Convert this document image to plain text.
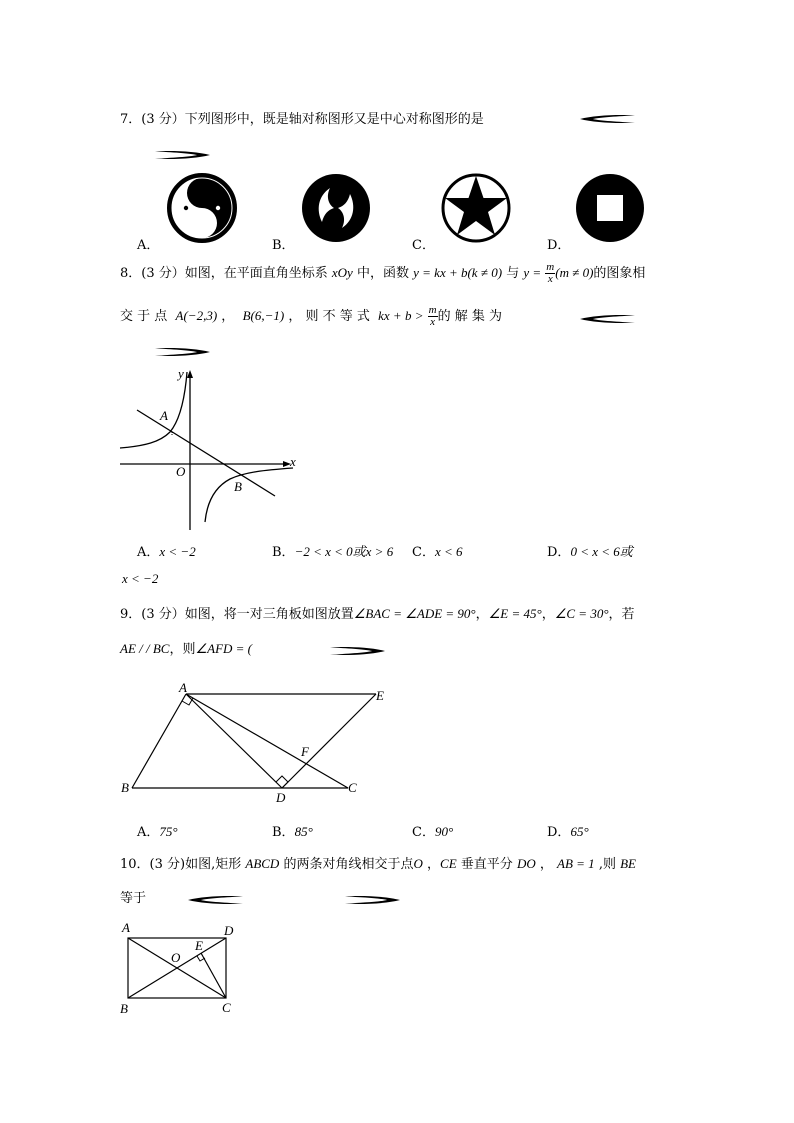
7．(3 分）下列图形中，既是轴对称图形又是中心对称图形的是
A．	B．	C．	D．
8．(3 分）如图，在平面直角坐标系 xOy 中，函数 y = kx + b(k ≠ 0) 与 $y = \frac{m}{x} (m \ne 0)$的图象相
交 于 点 A(−2,3) ， B(6,−1) ， 则 不 等 式 kx + $b > \frac{m}{x}$ 的 解 集 为
y
x
A
O
B
A．x < −2	B．−2 < x < 0或x > 6 C．x < 6	D．0 < x < 6或
x < −2
9．(3 分）如图，将一对三角板如图放置∠BAC = ∠ADE = 90°，∠E = 45°，∠C = 30°，若
AE / / BC，则∠AFD = (
A
E
F
B
D
C
A．75°	B．85°	C．90°	D．65°
10．(3 分)如图,矩形 ABCD 的两条对角线相交于点O ，CE 垂直平分 DO ， AB = 1 ,则 BE
等于
A	D
E
O
B	C
